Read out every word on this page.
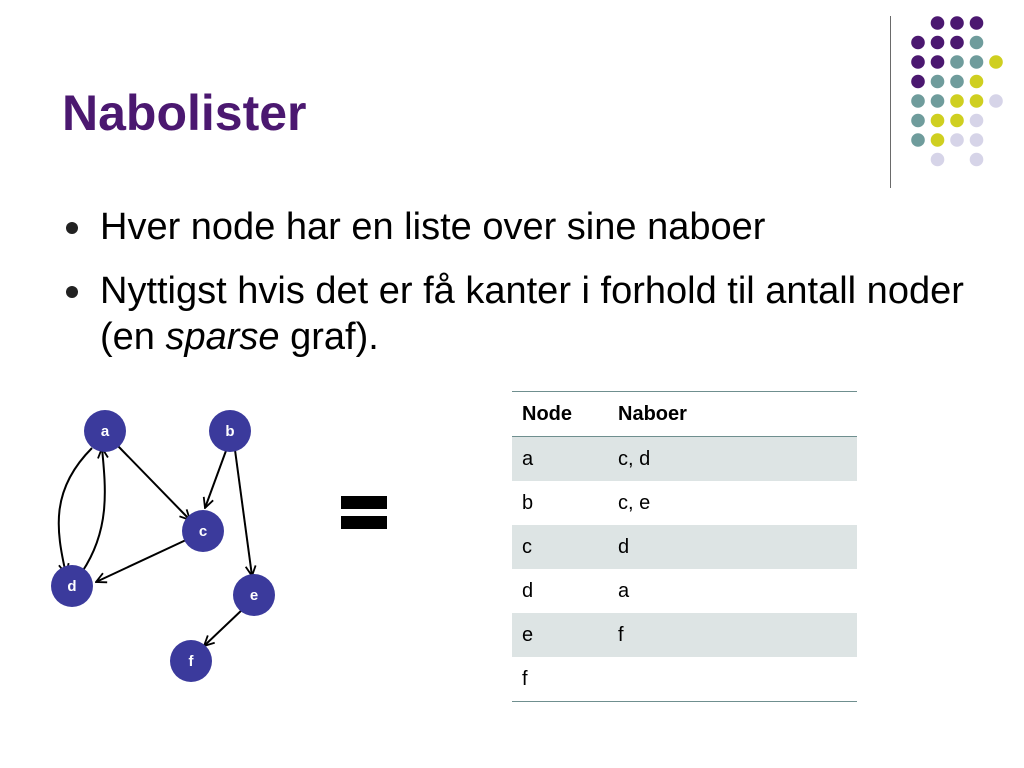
Nabolister
Hver node har en liste over sine naboer
Nyttigst hvis det er få kanter i forhold til antall noder (en sparse graf).
a	b
c
d
e
f
Node	Naboer
a	c, d
b	c, e
c	d
d	a
e	f
f	
